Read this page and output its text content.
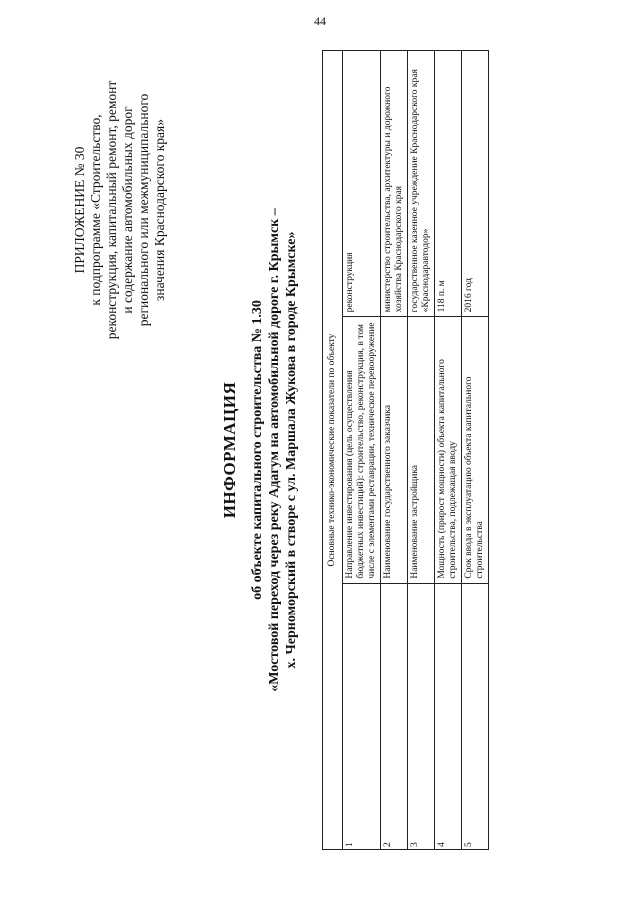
44
ПРИЛОЖЕНИЕ № 30 к подпрограмме «Строительство, реконструкция, капитальный ремонт, ремонт и содержание автомобильных дорог регионального или межмуниципального значения Краснодарского края»
ИНФОРМАЦИЯ об объекте капитального строительства № 1.30 «Мостовой переход через реку Адагум на автомобильной дороге г. Крымск – х. Черноморский в створе с ул. Маршала Жукова в городе Крымске»	Основные технико-экономические показатели по объекту		
1	Направление инвестирования (цель осуществления бюджетных инвестиций): строительство, реконструкция, в том числе с элементами реставрации, техническое перевооружение	реконструкция
2	Наименование государственного заказчика	министерство строительства, архитектуры и дорожного хозяйства Краснодарского края
3	Наименование застройщика	государственное казенное учреждение Краснодарского края «Краснодаравтодор»
4	Мощность (прирост мощности) объекта капитального строительства, подлежащая вводу	118 п. м
5	Срок ввода в эксплуатацию объекта капитального строительства	2016 год
